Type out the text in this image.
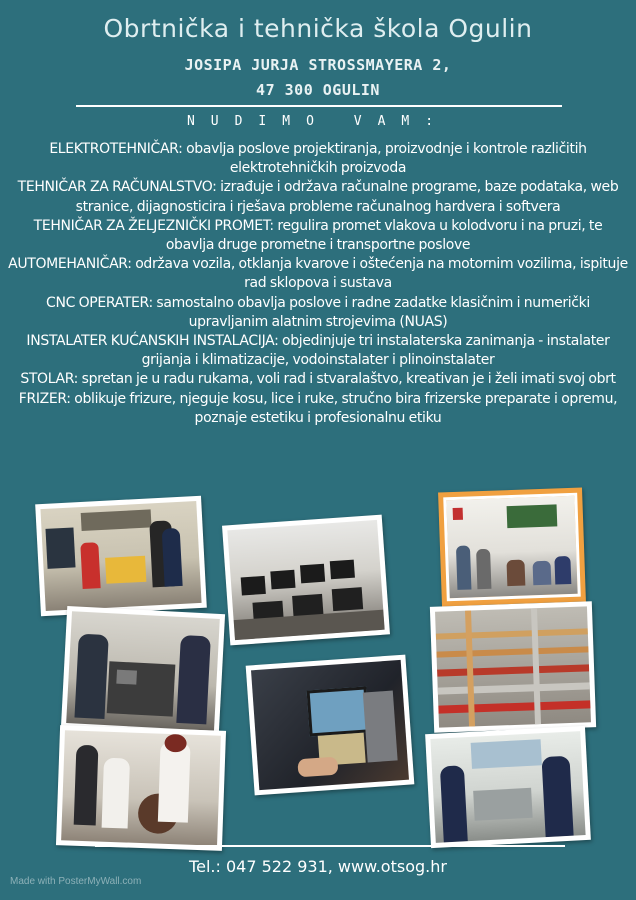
Obrtnička i tehnička škola Ogulin
JOSIPA JURJA STROSSMAYERA 2,
47 300 OGULIN
NUDIMO VAM:

ELEKTROTEHNIČAR: obavlja poslove projektiranja, proizvodnje i kontrole različitih elektrotehničkih proizvoda

TEHNIČAR ZA RAČUNALSTVO: izrađuje i održava računalne programe, baze podataka, web stranice, dijagnosticira i rješava probleme računalnog hardvera i softvera

TEHNIČAR ZA ŽELJEZNIČKI PROMET: regulira promet vlakova u kolodvoru i na pruzi, te obavlja druge prometne i transportne poslove

AUTOMEHANIČAR: održava vozila, otklanja kvarove i oštećenja na motornim vozilima, ispituje rad sklopova i sustava

CNC OPERATER: samostalno obavlja poslove i radne zadatke klasičnim i numerički upravljanim alatnim strojevima (NUAS)

INSTALATER KUĆANSKIH INSTALACIJA: objedinjuje tri instalaterska zanimanja - instalater grijanja i klimatizacije, vodoinstalater i plinoinstalater

STOLAR: spretan je u radu rukama, voli rad i stvaralaštvo, kreativan je i želi imati svoj obrt

FRIZER: oblikuje frizure, njeguje kosu, lice i ruke, stručno bira frizerske preparate i opremu, poznaje estetiku i profesionalnu etiku

Tel.: 047 522 931, www.otsog.hr
Made with PosterMyWall.com
